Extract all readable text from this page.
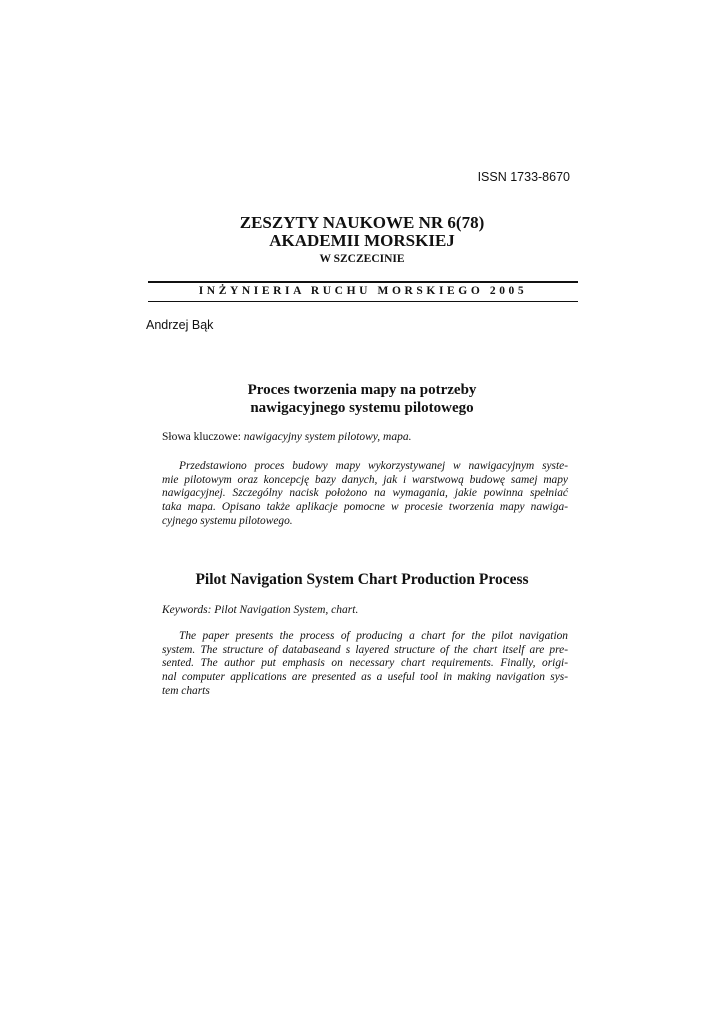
ISSN 1733-8670
ZESZYTY NAUKOWE NR 6(78)
AKADEMII MORSKIEJ
W SZCZECINIE
INŻYNIERIA RUCHU MORSKIEGO 2005
Andrzej Bąk
Proces tworzenia mapy na potrzeby
nawigacyjnego systemu pilotowego
Słowa kluczowe: nawigacyjny system pilotowy, mapa.
Przedstawiono proces budowy mapy wykorzystywanej w nawigacyjnym syste-
mie pilotowym oraz koncepcję bazy danych, jak i warstwową budowę samej mapy
nawigacyjnej. Szczególny nacisk położono na wymagania, jakie powinna spełniać
taka mapa. Opisano także aplikacje pomocne w procesie tworzenia mapy nawiga-
cyjnego systemu pilotowego.
Pilot Navigation System Chart Production Process
Keywords: Pilot Navigation System, chart.
The paper presents the process of producing a chart for the pilot navigation
system. The structure of databaseand s layered structure of the chart itself are pre-
sented. The author put emphasis on necessary chart requirements. Finally, origi-
nal computer applications are presented as a useful tool in making navigation sys-
tem charts
